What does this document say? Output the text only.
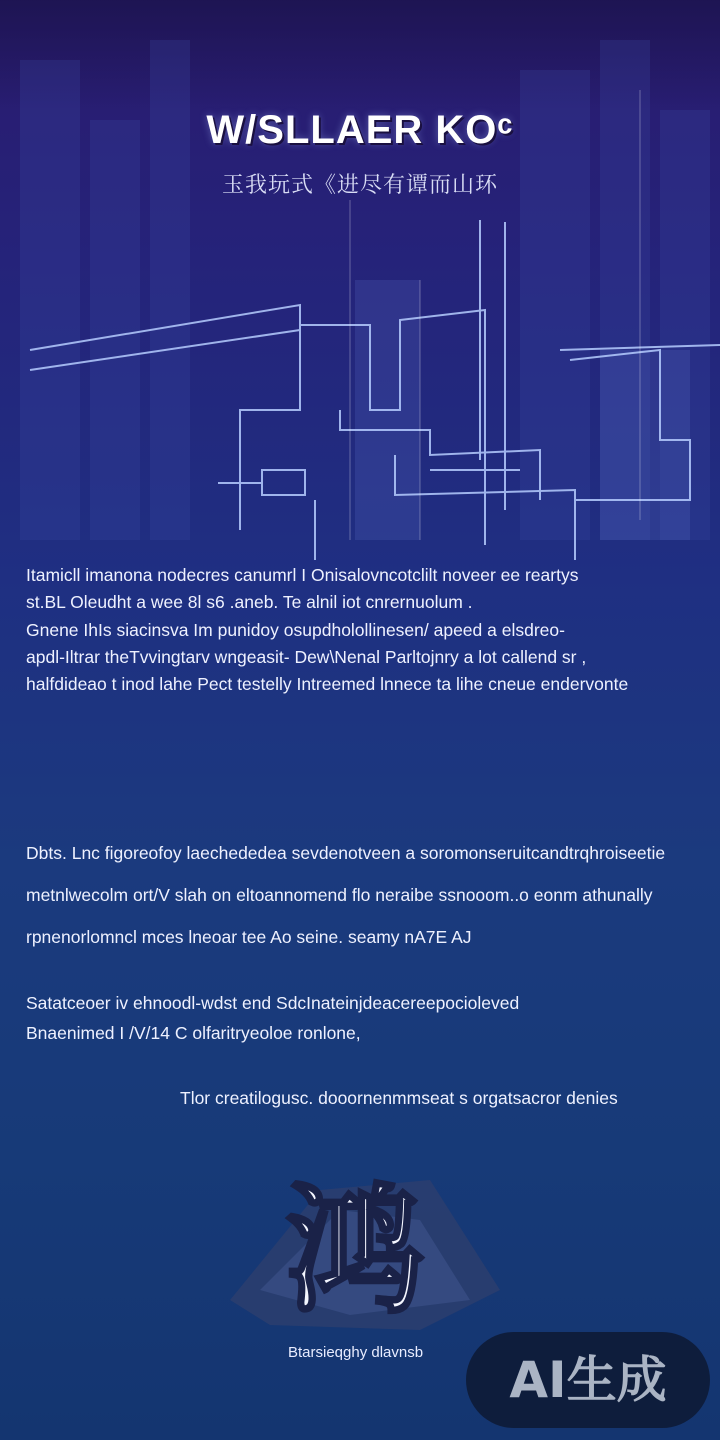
W/SLLAER KOᶜ
玉我玩式《进尽有谭而山环

Itamicll imanona nodecres canumrl I Onisalovncotclilt noveer ee reartys
st.BL Oleudht a wee 8l s6 .aneb. Te alnil iot cnrernuolum .

Gnene IhIs siacinsva Im punidoy osupdholollinesen/ apeed a elsdreo-
apdl-Iltrar theTvvingtarv wngeasit- Dew\Nenal Parltojnry a lot callend sr ,
halfdideao t inod lahe Pect testelly Intreemed lnnece ta lihe cneue endervonte

Dbts. Lnc figoreofoy laechededea sevdenotveen a soromonseruitcandtrqhroiseetie
metnlwecolm ort/V slah on eltoannomend flo neraibe ssnooom..o eonm athunally
rpnenorlomncl mces lneoar tee Ao seine. seamy nA7E AJ

Satatceoer iv ehnoodl-wdst end SdcInateinjdeacereepocioleved
Bnaenimed I /V/14 C olfaritryeoloe ronlone,

Tlor creatilogusc. dooornenmmseat s orgatsacror denies

鸿
Btarsieqghy dlavnsb	AI生成
